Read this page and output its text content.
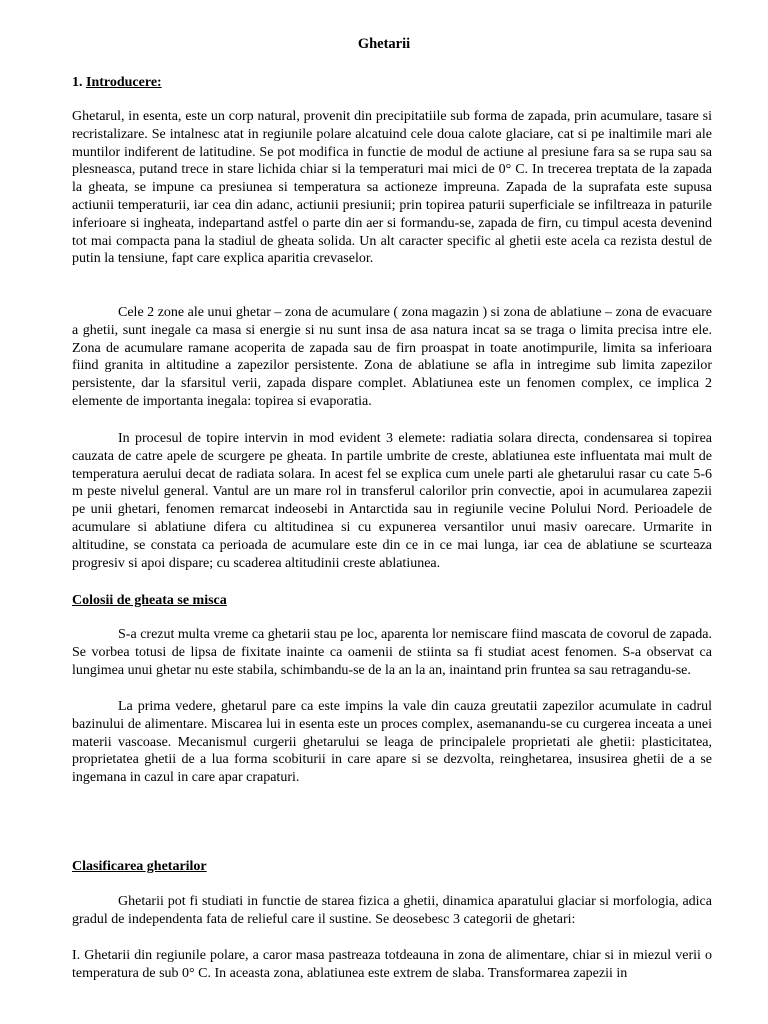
Ghetarii
1. Introducere:

Ghetarul, in esenta, este un corp natural, provenit din precipitatiile sub forma de zapada, prin acumulare, tasare si recristalizare. Se intalnesc atat in regiunile polare alcatuind cele doua calote glaciare, cat si pe inaltimile mari ale muntilor indiferent de latitudine. Se pot modifica in functie de modul de actiune al presiune fara sa se rupa sau sa plesneasca, putand trece in stare lichida chiar si la temperaturi mai mici de 0° C. In trecerea treptata de la zapada la gheata, se impune ca presiunea si temperatura sa actioneze impreuna. Zapada de la suprafata este supusa actiunii temperaturii, iar cea din adanc, actiunii presiunii; prin topirea paturii superficiale se infiltreaza in paturile inferioare si ingheata, indepartand astfel o parte din aer si formandu-se, zapada de firn, cu timpul acesta devenind tot mai compacta pana la stadiul de gheata solida. Un alt caracter specific al ghetii este acela ca rezista destul de putin la tensiune, fapt care explica aparitia crevaselor.

Cele 2 zone ale unui ghetar – zona de acumulare ( zona magazin ) si zona de ablatiune – zona de evacuare a ghetii, sunt inegale ca masa si energie si nu sunt insa de asa natura incat sa se traga o limita precisa intre ele. Zona de acumulare ramane acoperita de zapada sau de firn proaspat in toate anotimpurile, limita sa inferioara fiind granita in altitudine a zapezilor persistente. Zona de ablatiune se afla in intregime sub limita zapezilor persistente, dar la sfarsitul verii, zapada dispare complet. Ablatiunea este un fenomen complex, ce implica 2 elemente de importanta inegala: topirea si evaporatia.

In procesul de topire intervin in mod evident 3 elemete: radiatia solara directa, condensarea si topirea cauzata de catre apele de scurgere pe gheata. In partile umbrite de creste, ablatiunea este influentata mai mult de temperatura aerului decat de radiata solara. In acest fel se explica cum unele parti ale ghetarului rasar cu cate 5-6 m peste nivelul general. Vantul are un mare rol in transferul calorilor prin convectie, apoi in acumularea zapezii pe unii ghetari, fenomen remarcat indeosebi in Antarctida sau in regiunile vecine Polului Nord. Perioadele de acumulare si ablatiune difera cu altitudinea si cu expunerea versantilor unui masiv oarecare. Urmarite in altitudine, se constata ca perioada de acumulare este din ce in ce mai lunga, iar cea de ablatiune se scurteaza progresiv si apoi dispare; cu scaderea altitudinii creste ablatiunea.

Colosii de gheata se misca

S-a crezut multa vreme ca ghetarii stau pe loc, aparenta lor nemiscare fiind mascata de covorul de zapada. Se vorbea totusi de lipsa de fixitate inainte ca oamenii de stiinta sa fi studiat acest fenomen. S-a observat ca lungimea unui ghetar nu este stabila, schimbandu-se de la an la an, inaintand prin fruntea sa sau retragandu-se.

La prima vedere, ghetarul pare ca este impins la vale din cauza greutatii zapezilor acumulate in cadrul bazinului de alimentare. Miscarea lui in esenta este un proces complex, asemanandu-se cu curgerea inceata a unei materii vascoase. Mecanismul curgerii ghetarului se leaga de principalele proprietati ale ghetii: plasticitatea, proprietatea ghetii de a lua forma scobiturii in care apare si se dezvolta, reinghetarea, insusirea ghetii de a se ingemana in cazul in care apar crapaturi.

Clasificarea ghetarilor

Ghetarii pot fi studiati in functie de starea fizica a ghetii, dinamica aparatului glaciar si morfologia, adica gradul de independenta fata de relieful care il sustine. Se deosebesc 3 categorii de ghetari:

I. Ghetarii din regiunile polare, a caror masa pastreaza totdeauna in zona de alimentare, chiar si in miezul verii o temperatura de sub 0° C. In aceasta zona, ablatiunea este extrem de slaba. Transformarea zapezii in
